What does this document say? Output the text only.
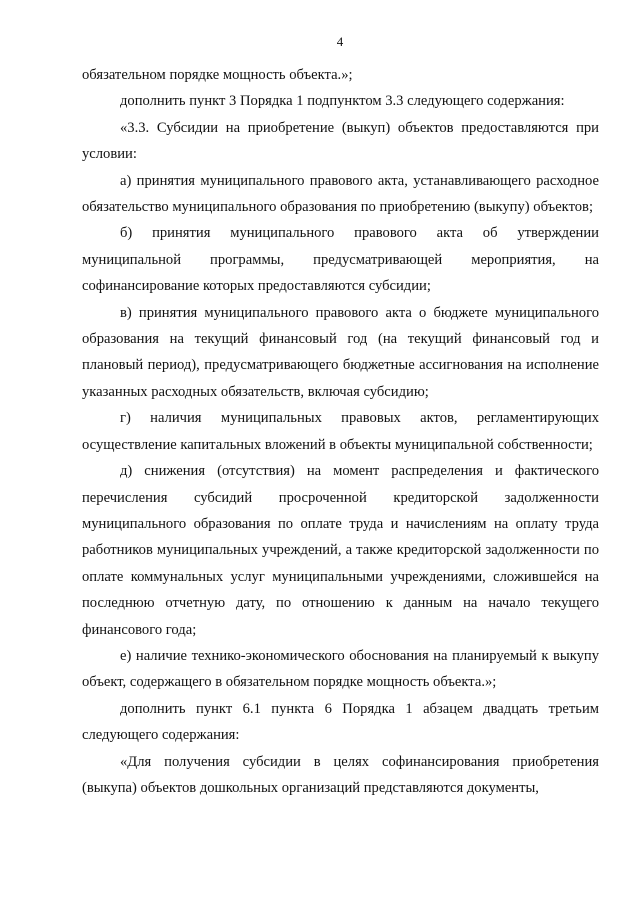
4

обязательном порядке мощность объекта.»;

дополнить пункт 3 Порядка 1 подпунктом 3.3 следующего содержания:

«3.3. Субсидии на приобретение (выкуп) объектов предоставляются при условии:

а) принятия муниципального правового акта, устанавливающего расходное обязательство муниципального образования по приобретению (выкупу) объектов;

б) принятия муниципального правового акта об утверждении муниципальной программы, предусматривающей мероприятия, на софинансирование которых предоставляются субсидии;

в) принятия муниципального правового акта о бюджете муниципального образования на текущий финансовый год (на текущий финансовый год и плановый период), предусматривающего бюджетные ассигнования на исполнение указанных расходных обязательств, включая субсидию;

г) наличия муниципальных правовых актов, регламентирующих осуществление капитальных вложений в объекты муниципальной собственности;

д) снижения (отсутствия) на момент распределения и фактического перечисления субсидий просроченной кредиторской задолженности муниципального образования по оплате труда и начислениям на оплату труда работников муниципальных учреждений, а также кредиторской задолженности по оплате коммунальных услуг муниципальными учреждениями, сложившейся на последнюю отчетную дату, по отношению к данным на начало текущего финансового года;

е) наличие технико-экономического обоснования на планируемый к выкупу объект, содержащего в обязательном порядке мощность объекта.»;

дополнить пункт 6.1 пункта 6 Порядка 1 абзацем двадцать третьим следующего содержания:

«Для получения субсидии в целях софинансирования приобретения (выкупа) объектов дошкольных организаций представляются документы,
